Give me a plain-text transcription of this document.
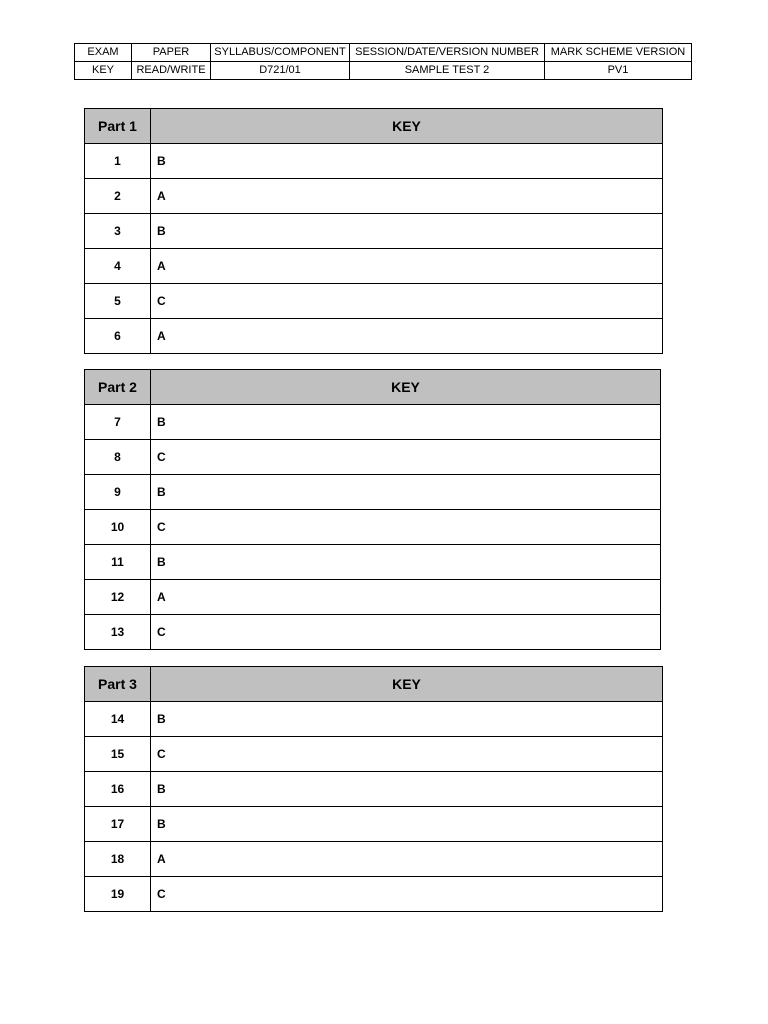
EXAM	PAPER	SYLLABUS/COMPONENT	SESSION/DATE/VERSION NUMBER	MARK SCHEME VERSION
KEY	READ/WRITE	D721/01	SAMPLE TEST 2	PV1
Part 1	KEY
1	B
2	A
3	B
4	A
5	C
6	A
Part 2	KEY
7	B
8	C
9	B
10	C
11	B
12	A
13	C
Part 3	KEY
14	B
15	C
16	B
17	B
18	A
19	C
